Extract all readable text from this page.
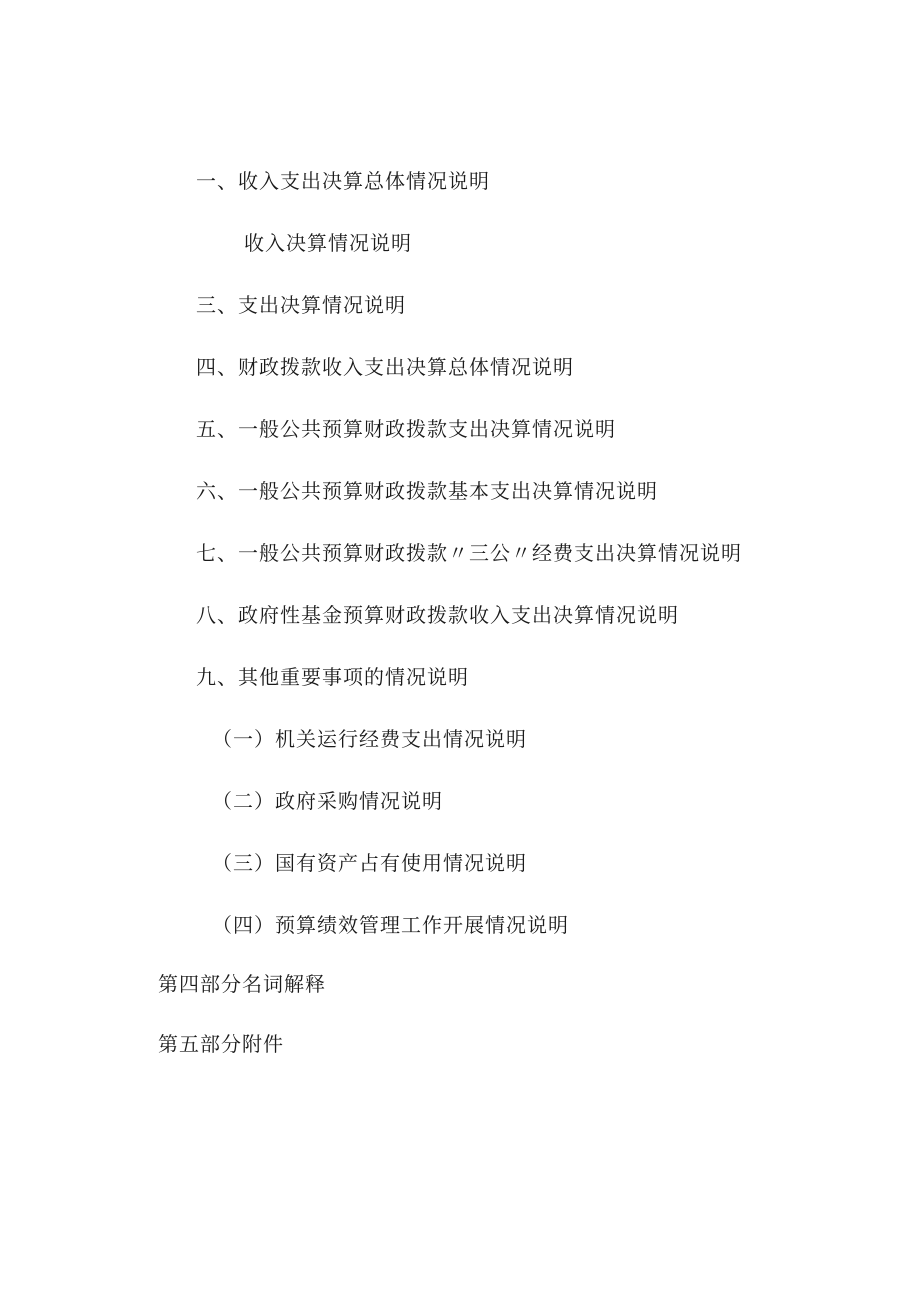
一、收入支出决算总体情况说明
收入决算情况说明
三、支出决算情况说明
四、财政拨款收入支出决算总体情况说明
五、一般公共预算财政拨款支出决算情况说明
六、一般公共预算财政拨款基本支出决算情况说明
七、一般公共预算财政拨款〃三公〃经费支出决算情况说明
八、政府性基金预算财政拨款收入支出决算情况说明
九、其他重要事项的情况说明
（一）机关运行经费支出情况说明
（二）政府采购情况说明
（三）国有资产占有使用情况说明
（四）预算绩效管理工作开展情况说明
第四部分名词解释
第五部分附件
